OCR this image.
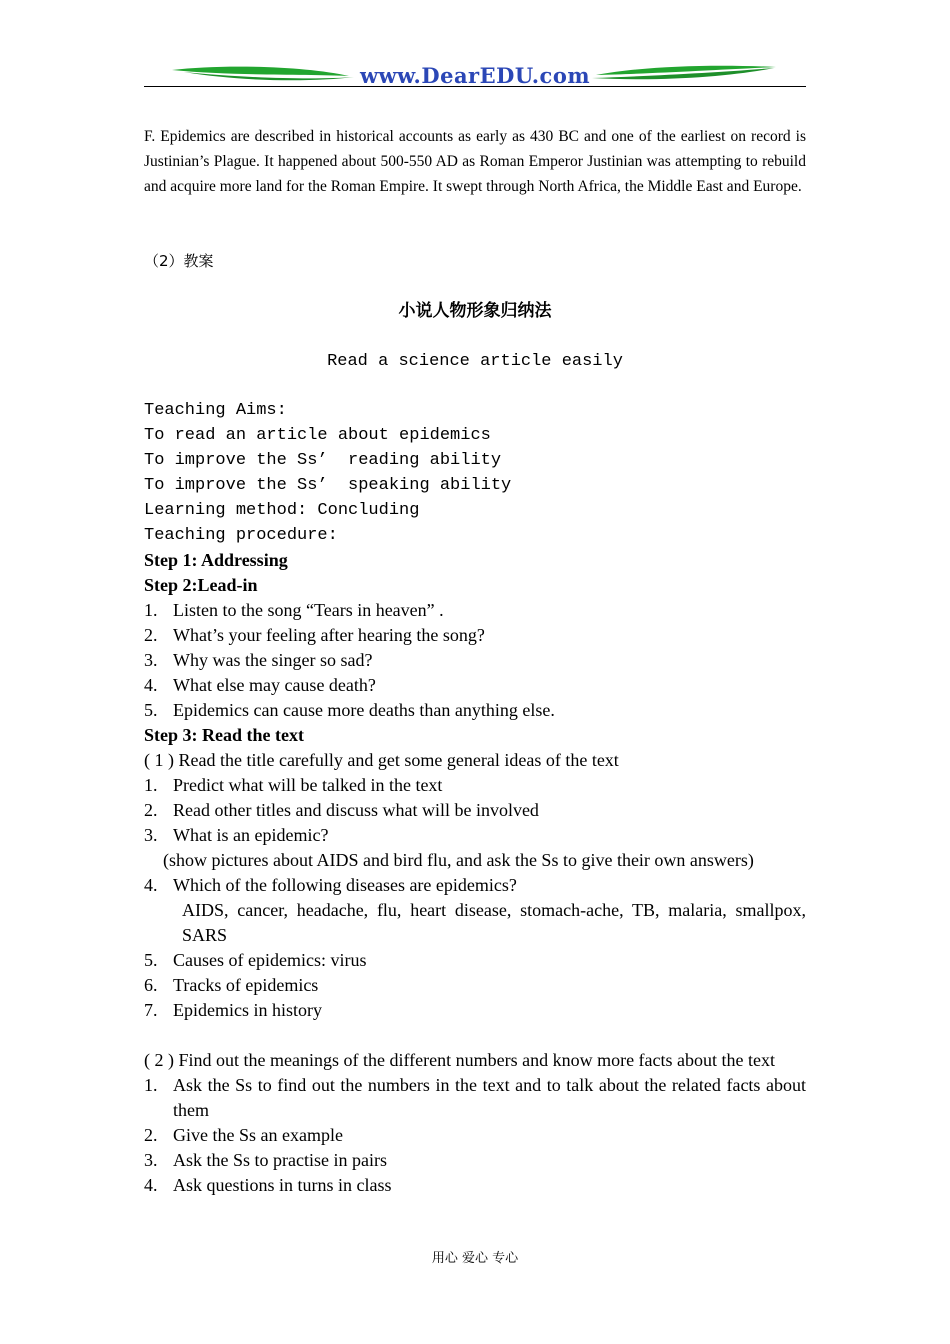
www.DearEDU.com
F. Epidemics are described in historical accounts as early as 430 BC and one of the earliest on record is Justinian’s Plague. It happened about 500-550 AD as Roman Emperor Justinian was attempting to rebuild and acquire more land for the Roman Empire. It swept through North Africa, the Middle East and Europe.
（2）教案
小说人物形象归纳法
Read a science article easily
Teaching Aims:
To read an article about epidemics
To improve the Ss’  reading ability
To improve the Ss’  speaking ability
Learning method: Concluding
Teaching procedure:
Step 1: Addressing
Step 2:Lead-in
1. Listen to the song “Tears in heaven” .
2. What’s your feeling after hearing the song?
3. Why was the singer so sad?
4. What else may cause death?
5. Epidemics can cause more deaths than anything else.
Step 3: Read the text
( 1 ) Read the title carefully and get some general ideas of the text
1. Predict what will be talked in the text
2. Read other titles and discuss what will be involved
3. What is an epidemic?
(show pictures about AIDS and bird flu, and ask the Ss to give their own answers)
4. Which of the following diseases are epidemics?
AIDS, cancer, headache, flu, heart disease, stomach-ache, TB, malaria, smallpox, SARS
5. Causes of epidemics: virus
6. Tracks of epidemics
7. Epidemics in history
( 2 ) Find out the meanings of the different numbers and know more facts about the text
1. Ask the Ss to find out the numbers in the text and to talk about the related facts about them
2. Give the Ss an example
3. Ask the Ss to practise in pairs
4. Ask questions in turns in class
用心 爱心 专心
